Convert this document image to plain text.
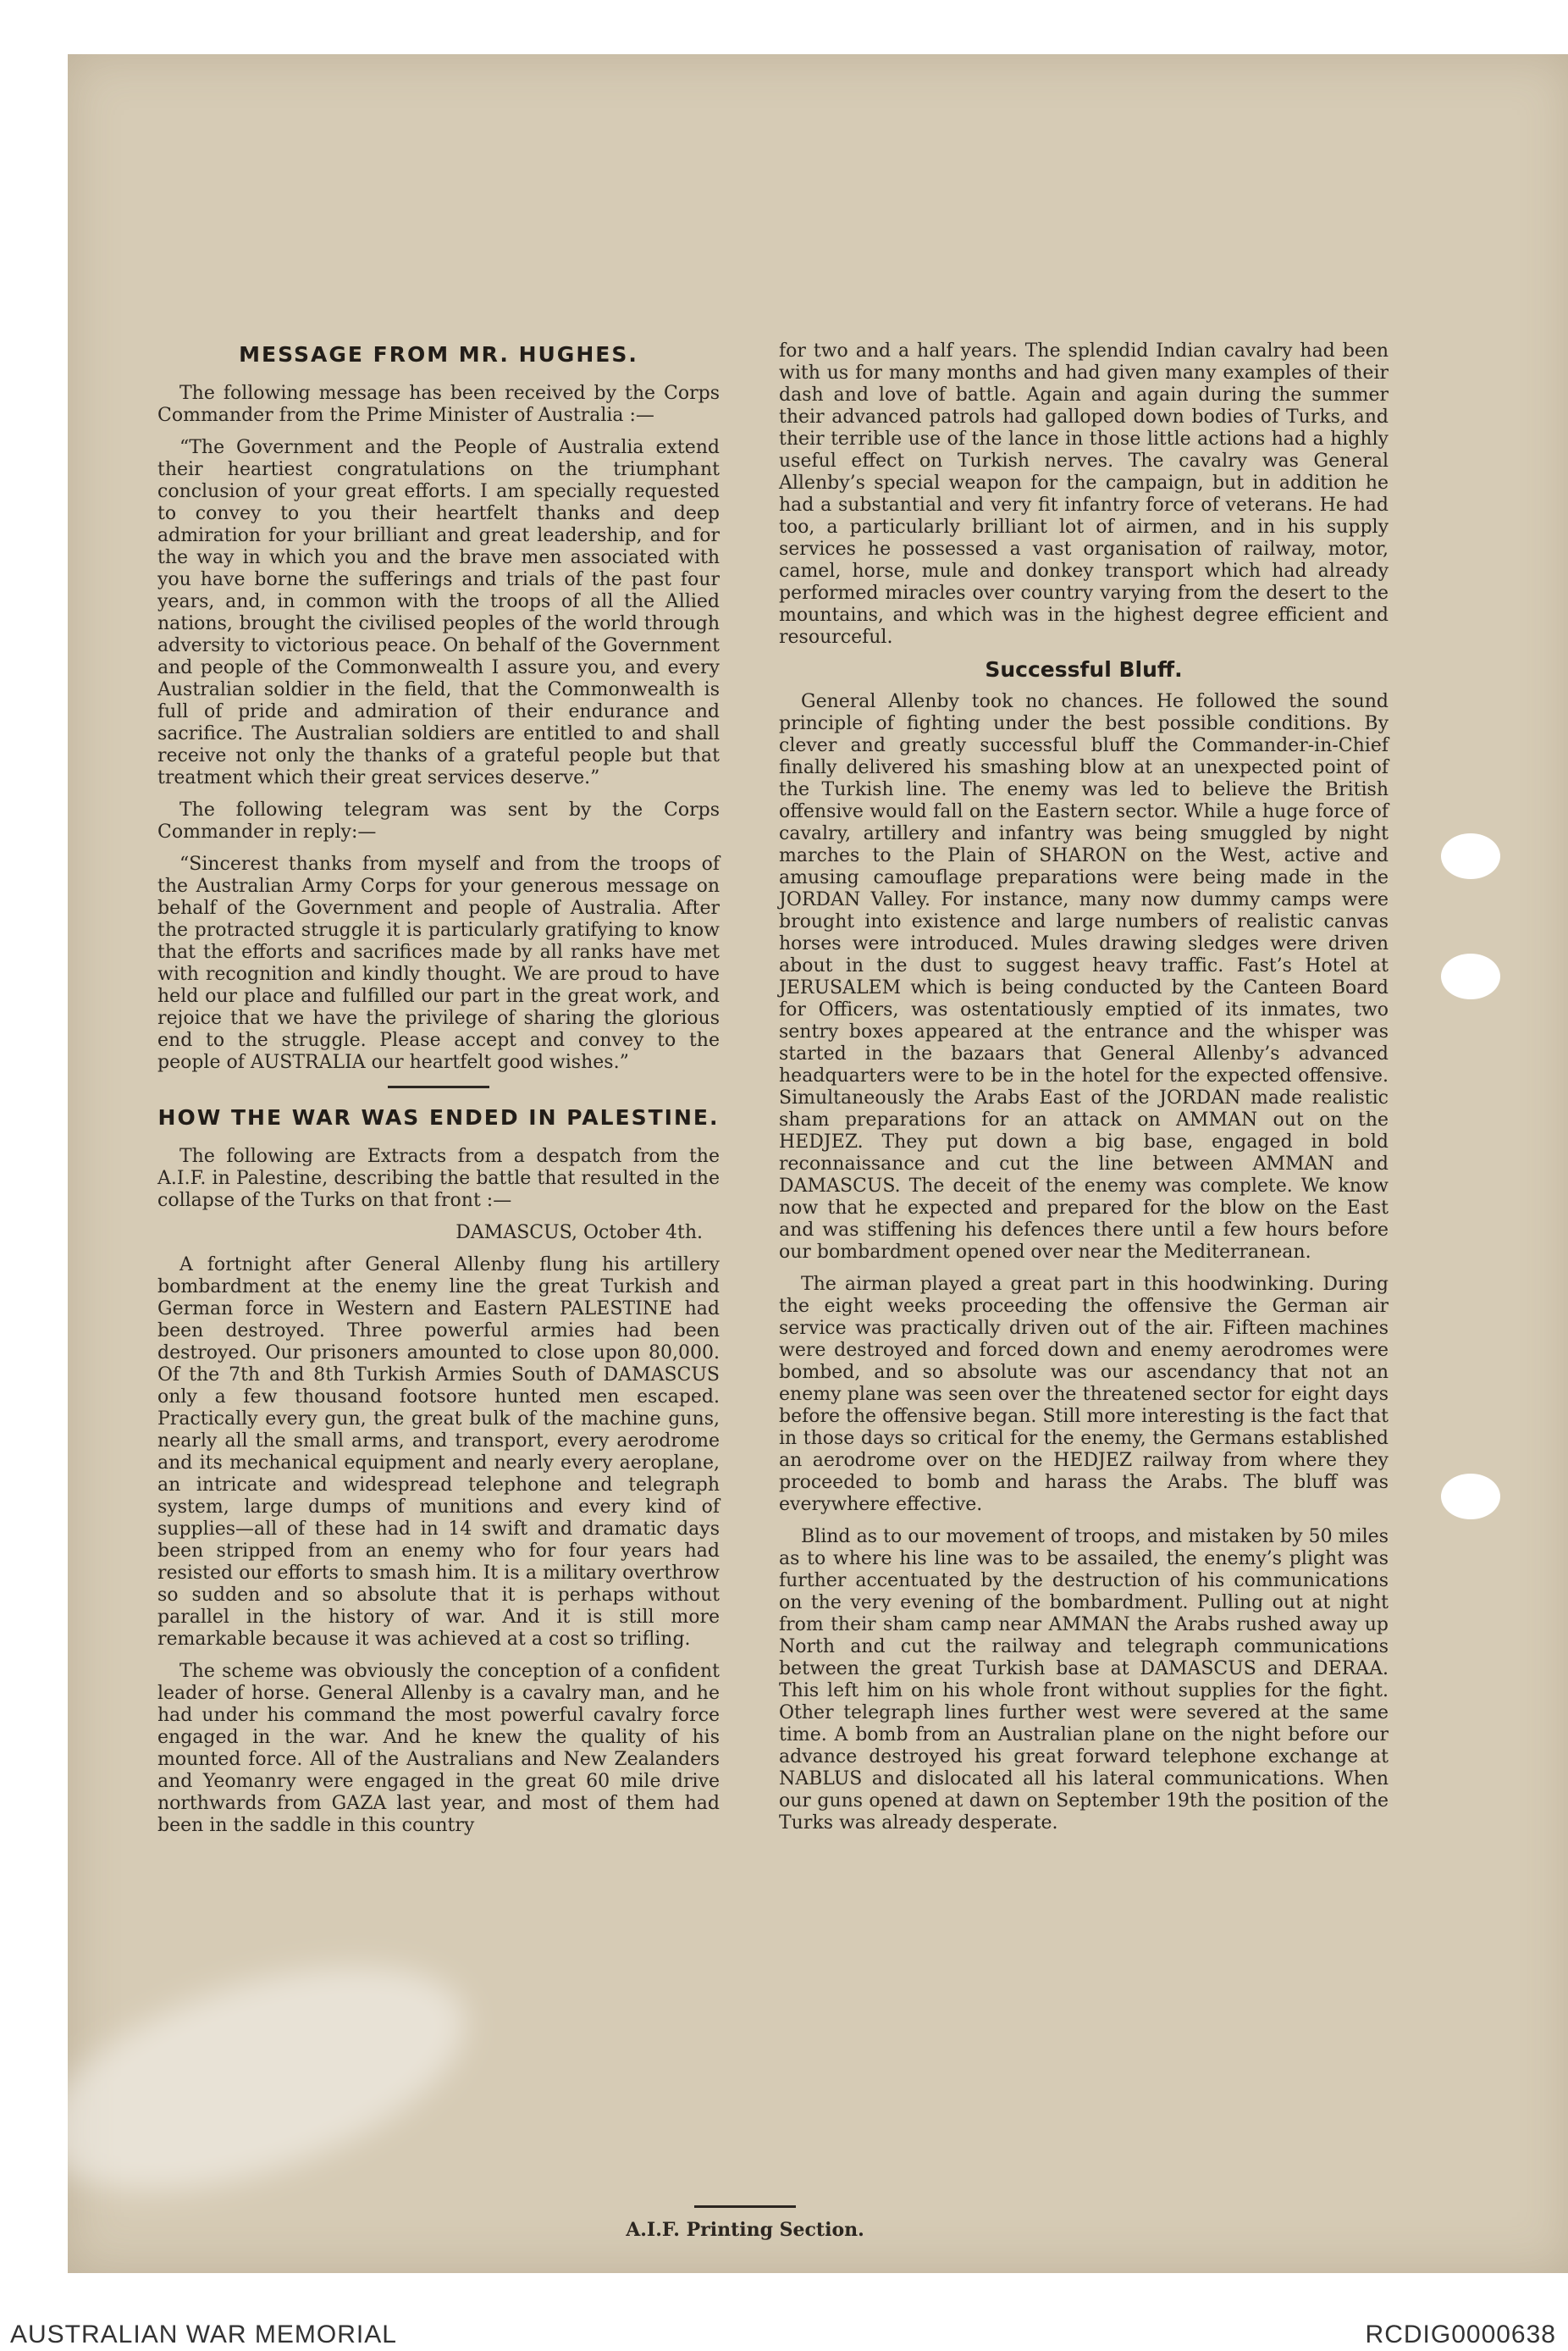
MESSAGE FROM MR. HUGHES.

The following message has been received by the Corps Commander from the Prime Minister of Australia :—

“The Government and the People of Australia extend their heartiest congratulations on the triumphant conclusion of your great efforts. I am specially requested to convey to you their heartfelt thanks and deep admiration for your brilliant and great leadership, and for the way in which you and the brave men associated with you have borne the sufferings and trials of the past four years, and, in common with the troops of all the Allied nations, brought the civilised peoples of the world through adversity to victorious peace. On behalf of the Government and people of the Commonwealth I assure you, and every Australian soldier in the field, that the Commonwealth is full of pride and admiration of their endurance and sacrifice. The Australian soldiers are entitled to and shall receive not only the thanks of a grateful people but that treatment which their great services deserve.”

The following telegram was sent by the Corps Commander in reply:—

“Sincerest thanks from myself and from the troops of the Australian Army Corps for your generous message on behalf of the Government and people of Australia. After the protracted struggle it is particularly gratifying to know that the efforts and sacrifices made by all ranks have met with recognition and kindly thought. We are proud to have held our place and fulfilled our part in the great work, and rejoice that we have the privilege of sharing the glorious end to the struggle. Please accept and convey to the people of AUSTRALIA our heartfelt good wishes.”

HOW THE WAR WAS ENDED IN PALESTINE.

The following are Extracts from a despatch from the A.I.F. in Palestine, describing the battle that resulted in the collapse of the Turks on that front :—

DAMASCUS, October 4th.

A fortnight after General Allenby flung his artillery bombardment at the enemy line the great Turkish and German force in Western and Eastern PALESTINE had been destroyed. Three powerful armies had been destroyed. Our prisoners amounted to close upon 80,000. Of the 7th and 8th Turkish Armies South of DAMASCUS only a few thousand footsore hunted men escaped. Practically every gun, the great bulk of the machine guns, nearly all the small arms, and transport, every aerodrome and its mechanical equipment and nearly every aeroplane, an intricate and widespread telephone and telegraph system, large dumps of munitions and every kind of supplies—all of these had in 14 swift and dramatic days been stripped from an enemy who for four years had resisted our efforts to smash him. It is a military overthrow so sudden and so absolute that it is perhaps without parallel in the history of war. And it is still more remarkable because it was achieved at a cost so trifling.

The scheme was obviously the conception of a confident leader of horse. General Allenby is a cavalry man, and he had under his command the most powerful cavalry force engaged in the war. And he knew the quality of his mounted force. All of the Australians and New Zealanders and Yeomanry were engaged in the great 60 mile drive northwards from GAZA last year, and most of them had been in the saddle in this country

for two and a half years. The splendid Indian cavalry had been with us for many months and had given many examples of their dash and love of battle. Again and again during the summer their advanced patrols had galloped down bodies of Turks, and their terrible use of the lance in those little actions had a highly useful effect on Turkish nerves. The cavalry was General Allenby’s special weapon for the campaign, but in addition he had a substantial and very fit infantry force of veterans. He had too, a particularly brilliant lot of airmen, and in his supply services he possessed a vast organisation of railway, motor, camel, horse, mule and donkey transport which had already performed miracles over country varying from the desert to the mountains, and which was in the highest degree efficient and resourceful.

Successful Bluff.

General Allenby took no chances. He followed the sound principle of fighting under the best possible conditions. By clever and greatly successful bluff the Commander-in-Chief finally delivered his smashing blow at an unexpected point of the Turkish line. The enemy was led to believe the British offensive would fall on the Eastern sector. While a huge force of cavalry, artillery and infantry was being smuggled by night marches to the Plain of SHARON on the West, active and amusing camouflage preparations were being made in the JORDAN Valley. For instance, many now dummy camps were brought into existence and large numbers of realistic canvas horses were introduced. Mules drawing sledges were driven about in the dust to suggest heavy traffic. Fast’s Hotel at JERUSALEM which is being conducted by the Canteen Board for Officers, was ostentatiously emptied of its inmates, two sentry boxes appeared at the entrance and the whisper was started in the bazaars that General Allenby’s advanced headquarters were to be in the hotel for the expected offensive. Simultaneously the Arabs East of the JORDAN made realistic sham preparations for an attack on AMMAN out on the HEDJEZ. They put down a big base, engaged in bold reconnaissance and cut the line between AMMAN and DAMASCUS. The deceit of the enemy was complete. We know now that he expected and prepared for the blow on the East and was stiffening his defences there until a few hours before our bombardment opened over near the Mediterranean.

The airman played a great part in this hoodwinking. During the eight weeks proceeding the offensive the German air service was practically driven out of the air. Fifteen machines were destroyed and forced down and enemy aerodromes were bombed, and so absolute was our ascendancy that not an enemy plane was seen over the threatened sector for eight days before the offensive began. Still more interesting is the fact that in those days so critical for the enemy, the Germans established an aerodrome over on the HEDJEZ railway from where they proceeded to bomb and harass the Arabs. The bluff was everywhere effective.

Blind as to our movement of troops, and mistaken by 50 miles as to where his line was to be assailed, the enemy’s plight was further accentuated by the destruction of his communications on the very evening of the bombardment. Pulling out at night from their sham camp near AMMAN the Arabs rushed away up North and cut the railway and telegraph communications between the great Turkish base at DAMASCUS and DERAA. This left him on his whole front without supplies for the fight. Other telegraph lines further west were severed at the same time. A bomb from an Australian plane on the night before our advance destroyed his great forward telephone exchange at NABLUS and dislocated all his lateral communications. When our guns opened at dawn on September 19th the position of the Turks was already desperate.

A.I.F. Printing Section.
AUSTRALIAN WAR MEMORIAL	RCDIG0000638
